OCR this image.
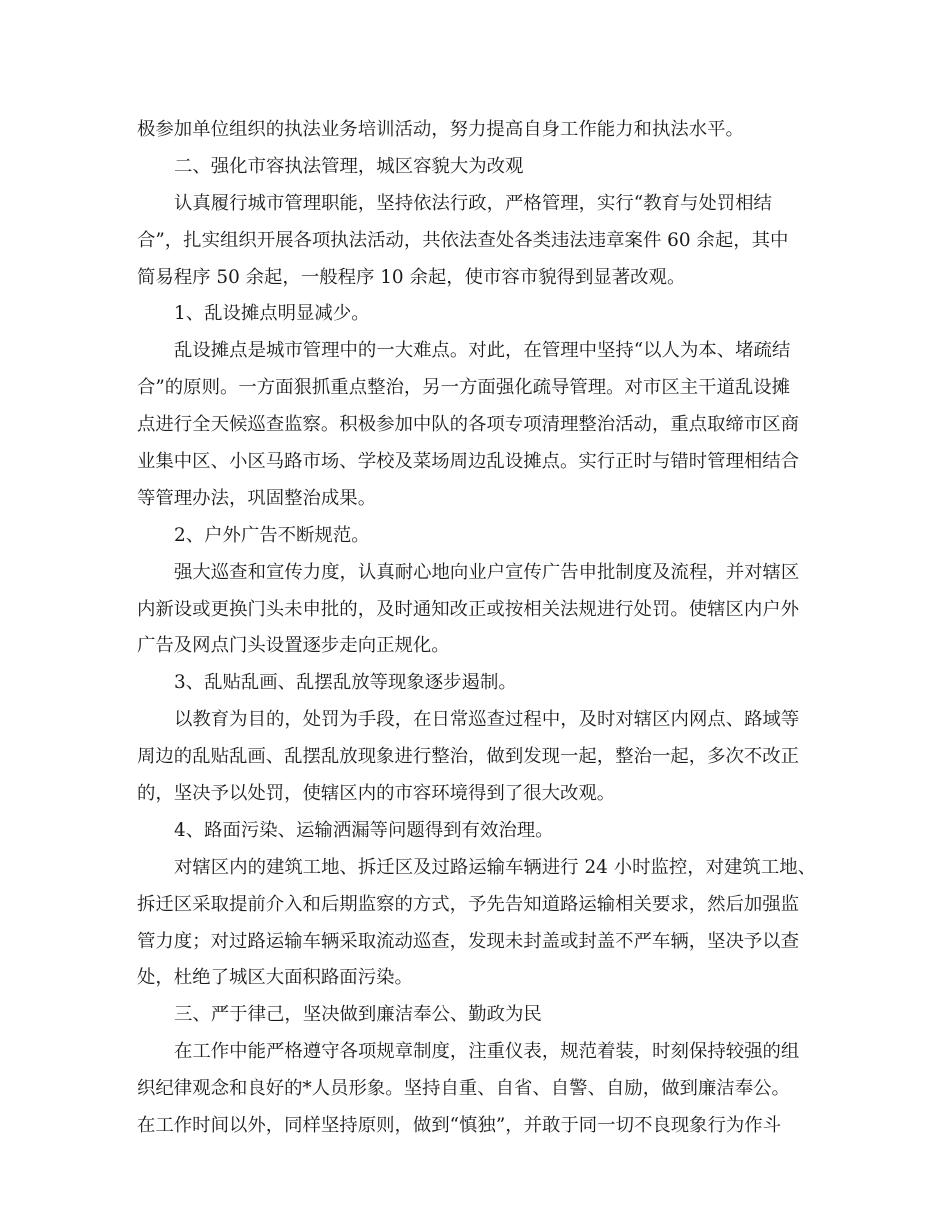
极参加单位组织的执法业务培训活动，努力提高自身工作能力和执法水平。
二、强化市容执法管理，城区容貌大为改观
认真履行城市管理职能，坚持依法行政，严格管理，实行“教育与处罚相结
合”，扎实组织开展各项执法活动，共依法查处各类违法违章案件 60 余起，其中
简易程序 50 余起，一般程序 10 余起，使市容市貌得到显著改观。
1、乱设摊点明显减少。
乱设摊点是城市管理中的一大难点。对此，在管理中坚持“以人为本、堵疏结
合”的原则。一方面狠抓重点整治，另一方面强化疏导管理。对市区主干道乱设摊
点进行全天候巡查监察。积极参加中队的各项专项清理整治活动，重点取缔市区商
业集中区、小区马路市场、学校及菜场周边乱设摊点。实行正时与错时管理相结合
等管理办法，巩固整治成果。
2、户外广告不断规范。
强大巡查和宣传力度，认真耐心地向业户宣传广告申批制度及流程，并对辖区
内新设或更换门头未申批的，及时通知改正或按相关法规进行处罚。使辖区内户外
广告及网点门头设置逐步走向正规化。
3、乱贴乱画、乱摆乱放等现象逐步遏制。
以教育为目的，处罚为手段，在日常巡查过程中，及时对辖区内网点、路域等
周边的乱贴乱画、乱摆乱放现象进行整治，做到发现一起，整治一起，多次不改正
的，坚决予以处罚，使辖区内的市容环境得到了很大改观。
4、路面污染、运输洒漏等问题得到有效治理。
对辖区内的建筑工地、拆迁区及过路运输车辆进行 24 小时监控，对建筑工地、
拆迁区采取提前介入和后期监察的方式，予先告知道路运输相关要求，然后加强监
管力度；对过路运输车辆采取流动巡查，发现未封盖或封盖不严车辆，坚决予以查
处，杜绝了城区大面积路面污染。
三、严于律己，坚决做到廉洁奉公、勤政为民
在工作中能严格遵守各项规章制度，注重仪表，规范着装，时刻保持较强的组
织纪律观念和良好的*人员形象。坚持自重、自省、自警、自励，做到廉洁奉公。
在工作时间以外，同样坚持原则，做到“慎独”，并敢于同一切不良现象行为作斗
